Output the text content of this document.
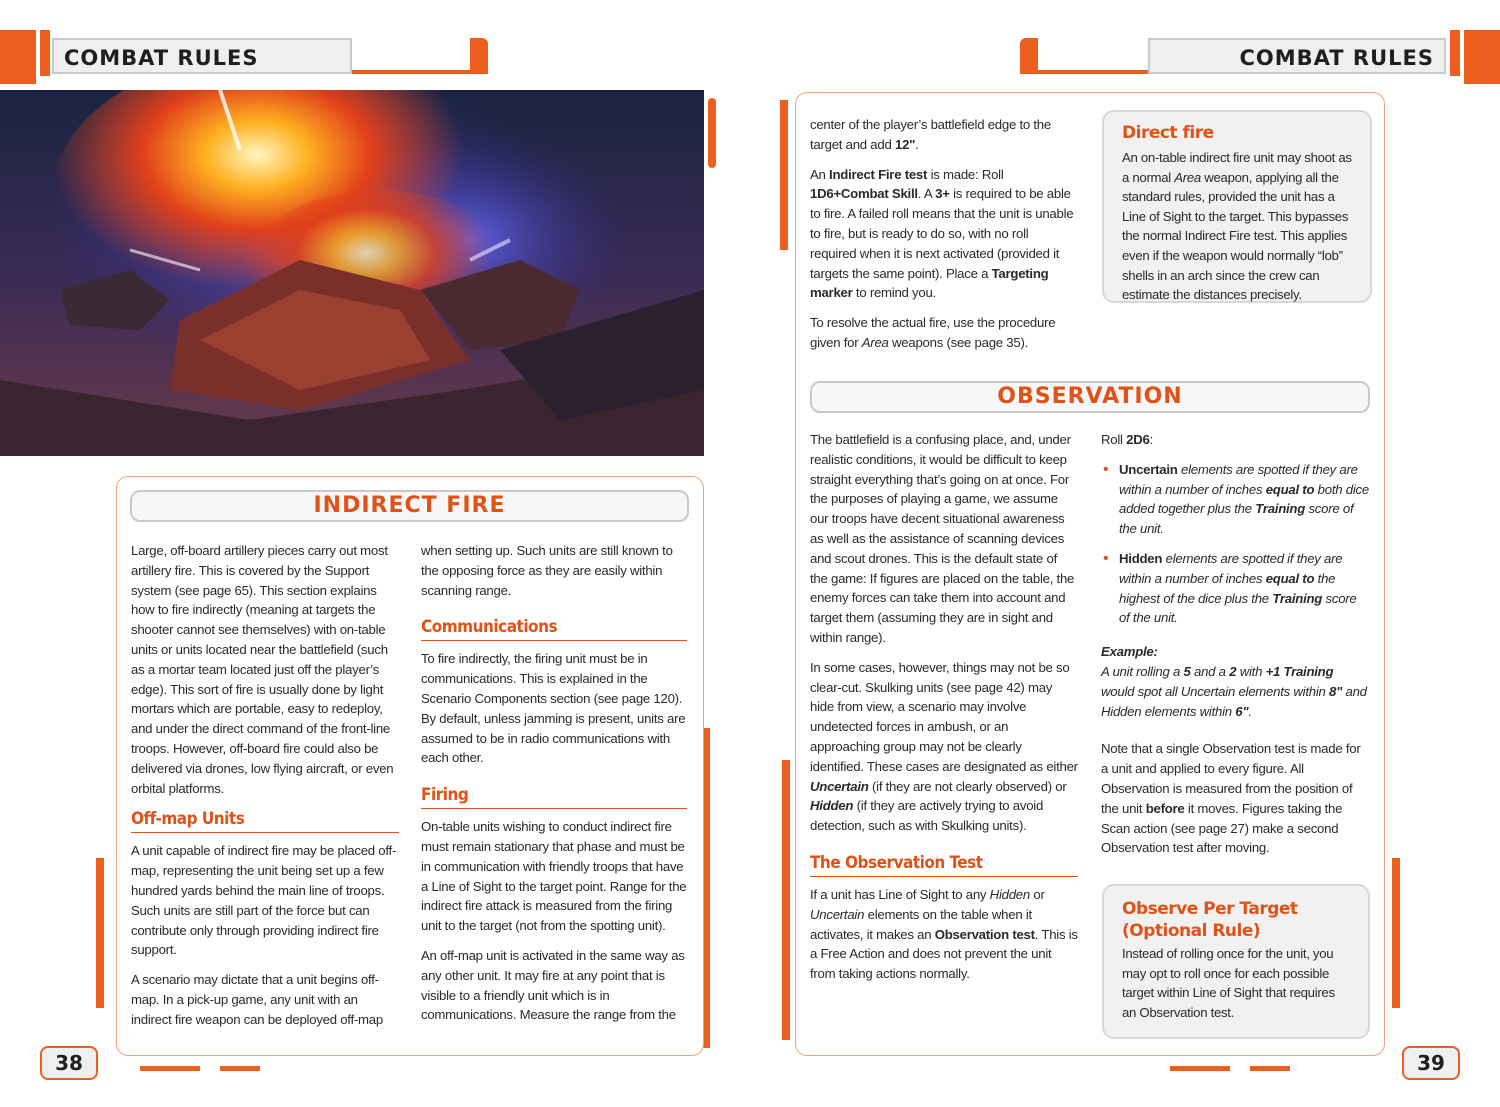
COMBAT RULES
INDIRECT FIRE

Large, off-board artillery pieces carry out most artillery fire. This is covered by the Support system (see page 65). This section explains how to fire indirectly (meaning at targets the shooter cannot see themselves) with on-table units or units located near the battlefield (such as a mortar team located just off the player’s edge). This sort of fire is usually done by light mortars which are portable, easy to redeploy, and under the direct command of the front-line troops. However, off-board fire could also be delivered via drones, low flying aircraft, or even orbital platforms.

Off-map Units

A unit capable of indirect fire may be placed off-map, representing the unit being set up a few hundred yards behind the main line of troops. Such units are still part of the force but can contribute only through providing indirect fire support.

A scenario may dictate that a unit begins off-map. In a pick-up game, any unit with an indirect fire weapon can be deployed off-map

when setting up. Such units are still known to the opposing force as they are easily within scanning range.

Communications

To fire indirectly, the firing unit must be in communications. This is explained in the Scenario Components section (see page 120). By default, unless jamming is present, units are assumed to be in radio communications with each other.

Firing

On-table units wishing to conduct indirect fire must remain stationary that phase and must be in communication with friendly troops that have a Line of Sight to the target point. Range for the indirect fire attack is measured from the firing unit to the target (not from the spotting unit).

An off-map unit is activated in the same way as any other unit. It may fire at any point that is visible to a friendly unit which is in communications. Measure the range from the

38
COMBAT RULES

center of the player’s battlefield edge to the target and add 12".

An Indirect Fire test is made: Roll 1D6+Combat Skill. A 3+ is required to be able to fire. A failed roll means that the unit is unable to fire, but is ready to do so, with no roll required when it is next activated (provided it targets the same point). Place a Targeting marker to remind you.

To resolve the actual fire, use the procedure given for Area weapons (see page 35).

Direct fire
An on-table indirect fire unit may shoot as a normal Area weapon, applying all the standard rules, provided the unit has a Line of Sight to the target. This bypasses the normal Indirect Fire test. This applies even if the weapon would normally “lob” shells in an arch since the crew can estimate the distances precisely.
OBSERVATION

The battlefield is a confusing place, and, under realistic conditions, it would be difficult to keep straight everything that’s going on at once. For the purposes of playing a game, we assume our troops have decent situational awareness as well as the assistance of scanning devices and scout drones. This is the default state of the game: If figures are placed on the table, the enemy forces can take them into account and target them (assuming they are in sight and within range).

In some cases, however, things may not be so clear-cut. Skulking units (see page 42) may hide from view, a scenario may involve undetected forces in ambush, or an approaching group may not be clearly identified. These cases are designated as either Uncertain (if they are not clearly observed) or Hidden (if they are actively trying to avoid detection, such as with Skulking units).

The Observation Test

If a unit has Line of Sight to any Hidden or Uncertain elements on the table when it activates, it makes an Observation test. This is a Free Action and does not prevent the unit from taking actions normally.

Roll 2D6:

• Uncertain elements are spotted if they are within a number of inches equal to both dice added together plus the Training score of the unit.
• Hidden elements are spotted if they are within a number of inches equal to the highest of the dice plus the Training score of the unit.

Example:

A unit rolling a 5 and a 2 with +1 Training would spot all Uncertain elements within 8" and Hidden elements within 6".

Note that a single Observation test is made for a unit and applied to every figure. All Observation is measured from the position of the unit before it moves. Figures taking the Scan action (see page 27) make a second Observation test after moving.

Observe Per Target
(Optional Rule)
Instead of rolling once for the unit, you may opt to roll once for each possible target within Line of Sight that requires an Observation test.
39
